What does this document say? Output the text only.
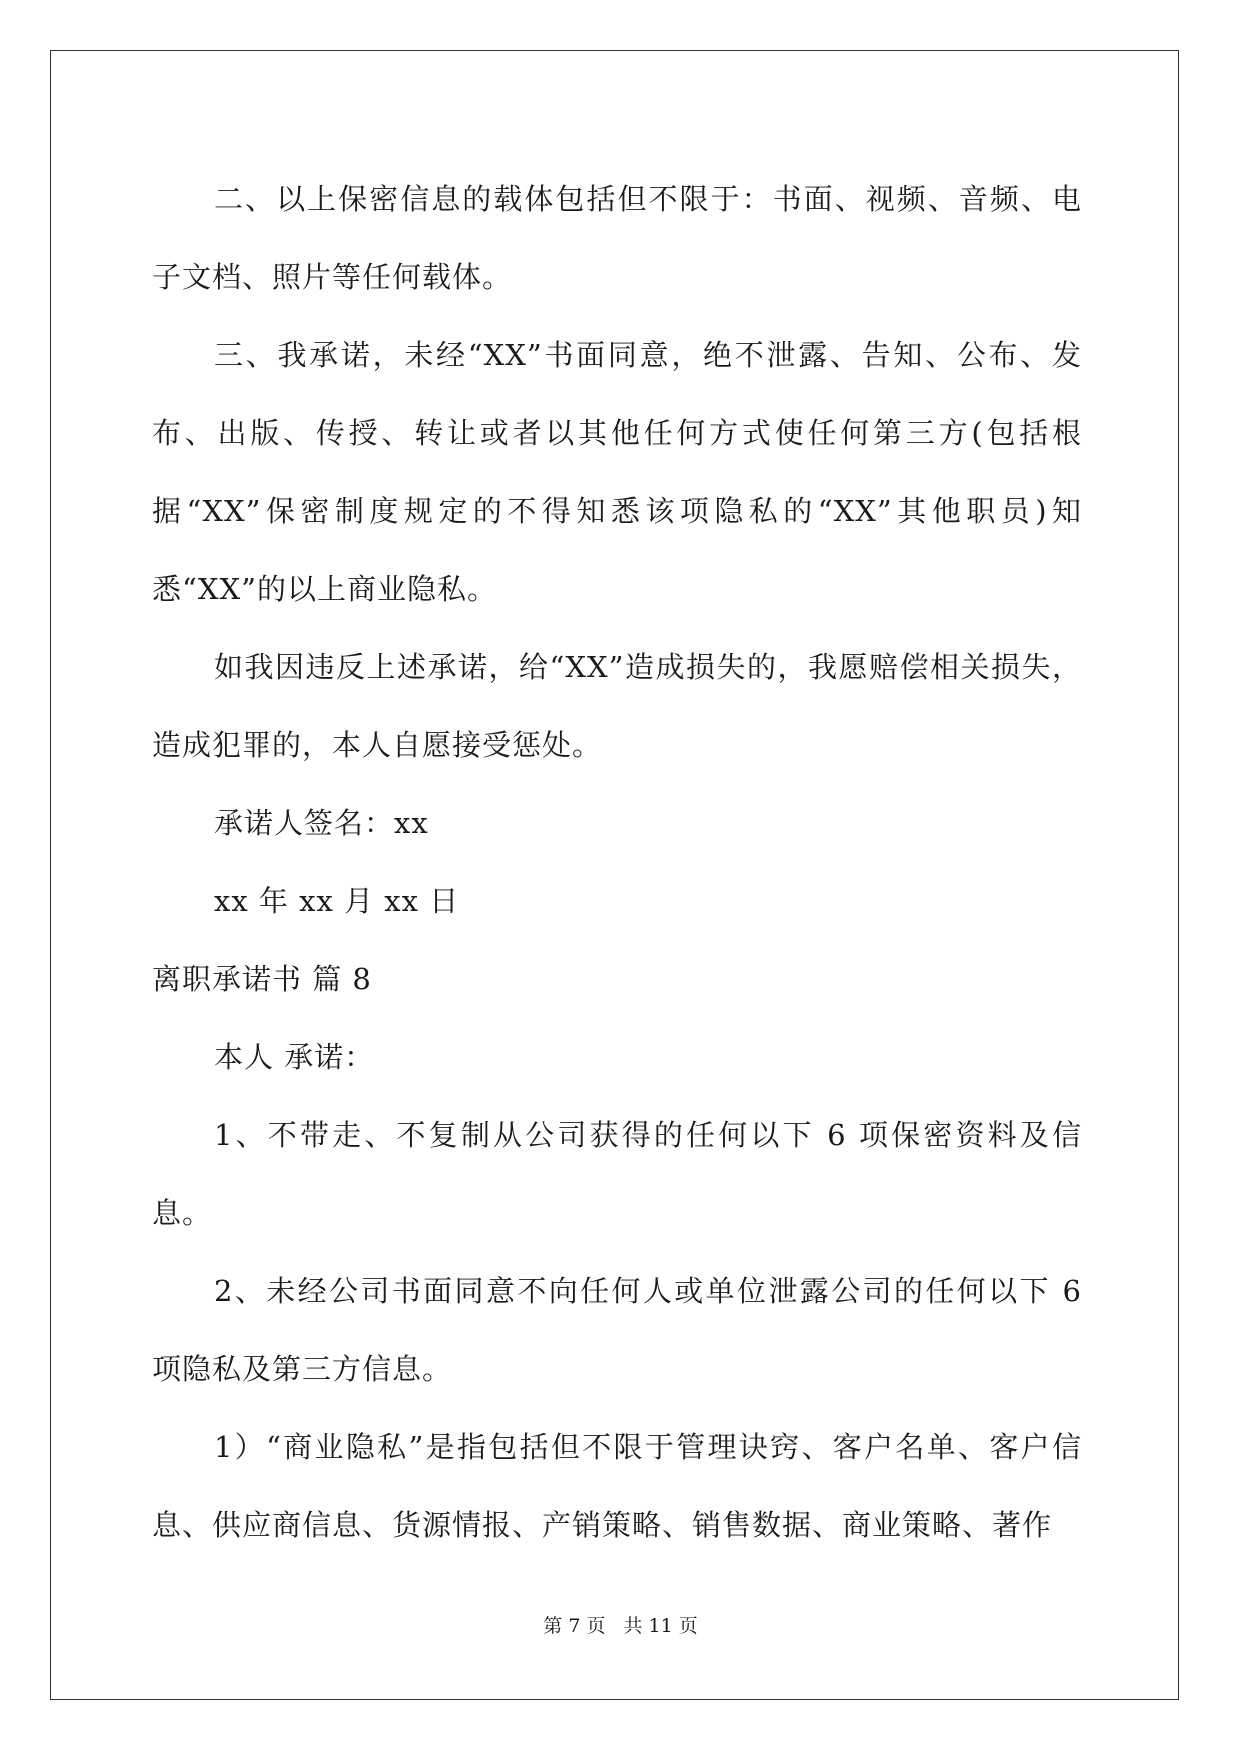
二、以上保密信息的载体包括但不限于：书面、视频、音频、电子文档、照片等任何载体。

三、我承诺，未经“XX”书面同意，绝不泄露、告知、公布、发布、出版、传授、转让或者以其他任何方式使任何第三方(包括根据“XX”保密制度规定的不得知悉该项隐私的“XX”其他职员)知悉“XX”的以上商业隐私。

如我因违反上述承诺，给“XX”造成损失的，我愿赔偿相关损失，造成犯罪的，本人自愿接受惩处。

承诺人签名：xx

xx 年 xx 月 xx 日

离职承诺书 篇 8

本人 承诺：

1、不带走、不复制从公司获得的任何以下 6 项保密资料及信息。

2、未经公司书面同意不向任何人或单位泄露公司的任何以下 6 项隐私及第三方信息。

1）“商业隐私”是指包括但不限于管理诀窍、客户名单、客户信息、供应商信息、货源情报、产销策略、销售数据、商业策略、著作

第 7 页 共 11 页
